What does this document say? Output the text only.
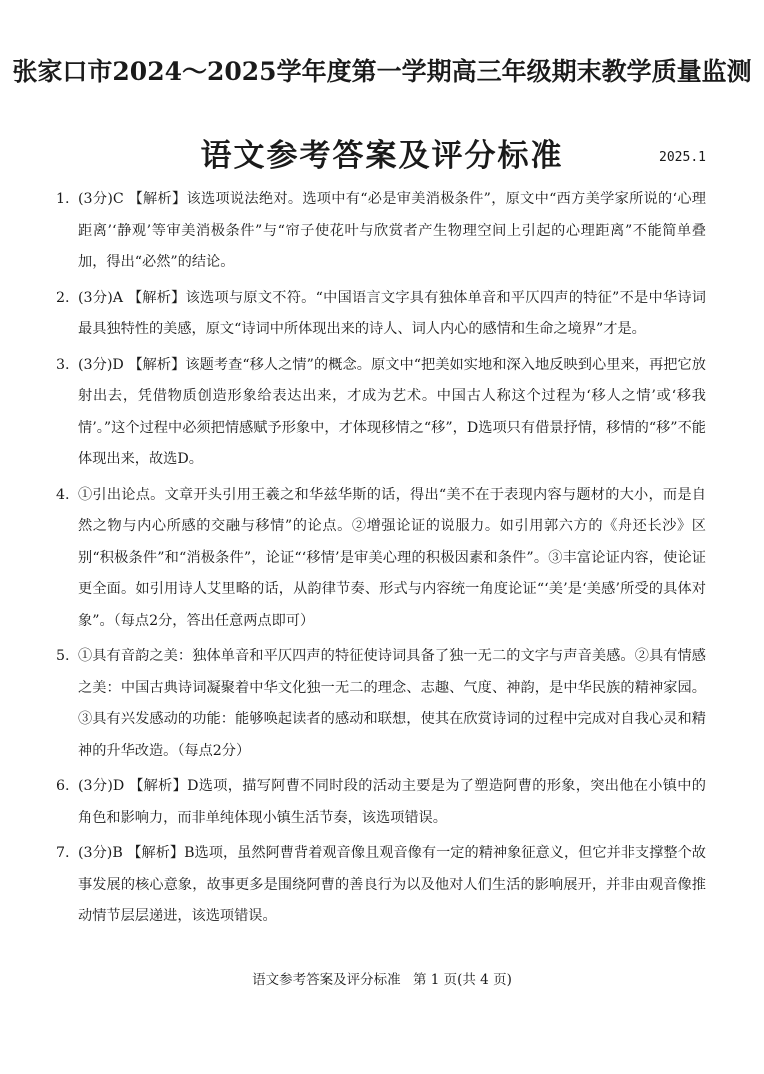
张家口市2024～2025学年度第一学期高三年级期末教学质量监测
语文参考答案及评分标准	2025.1
1. (3分)C 【解析】该选项说法绝对。选项中有“必是审美消极条件”，原文中“西方美学家所说的‘心理距离’‘静观’等审美消极条件”与“帘子使花叶与欣赏者产生物理空间上引起的心理距离”不能简单叠加，得出“必然”的结论。
2. (3分)A 【解析】该选项与原文不符。“中国语言文字具有独体单音和平仄四声的特征”不是中华诗词最具独特性的美感，原文“诗词中所体现出来的诗人、词人内心的感情和生命之境界”才是。
3. (3分)D 【解析】该题考查“移人之情”的概念。原文中“把美如实地和深入地反映到心里来，再把它放射出去，凭借物质创造形象给表达出来，才成为艺术。中国古人称这个过程为‘移人之情’或‘移我情’。”这个过程中必须把情感赋予形象中，才体现移情之“移”，D选项只有借景抒情，移情的“移”不能体现出来，故选D。
4. ①引出论点。文章开头引用王羲之和华兹华斯的话，得出“美不在于表现内容与题材的大小，而是自然之物与内心所感的交融与移情”的论点。②增强论证的说服力。如引用郭六方的《舟还长沙》区别“积极条件”和“消极条件”，论证“‘移情’是审美心理的积极因素和条件”。③丰富论证内容，使论证更全面。如引用诗人艾里略的话，从韵律节奏、形式与内容统一角度论证“‘美’是‘美感’所受的具体对象”。（每点2分，答出任意两点即可）
5. ①具有音韵之美：独体单音和平仄四声的特征使诗词具备了独一无二的文字与声音美感。②具有情感之美：中国古典诗词凝聚着中华文化独一无二的理念、志趣、气度、神韵，是中华民族的精神家园。③具有兴发感动的功能：能够唤起读者的感动和联想，使其在欣赏诗词的过程中完成对自我心灵和精神的升华改造。（每点2分）
6. (3分)D 【解析】D选项，描写阿曹不同时段的活动主要是为了塑造阿曹的形象，突出他在小镇中的角色和影响力，而非单纯体现小镇生活节奏，该选项错误。
7. (3分)B 【解析】B选项，虽然阿曹背着观音像且观音像有一定的精神象征意义，但它并非支撑整个故事发展的核心意象，故事更多是围绕阿曹的善良行为以及他对人们生活的影响展开，并非由观音像推动情节层层递进，该选项错误。
语文参考答案及评分标准 第 1 页(共 4 页)
